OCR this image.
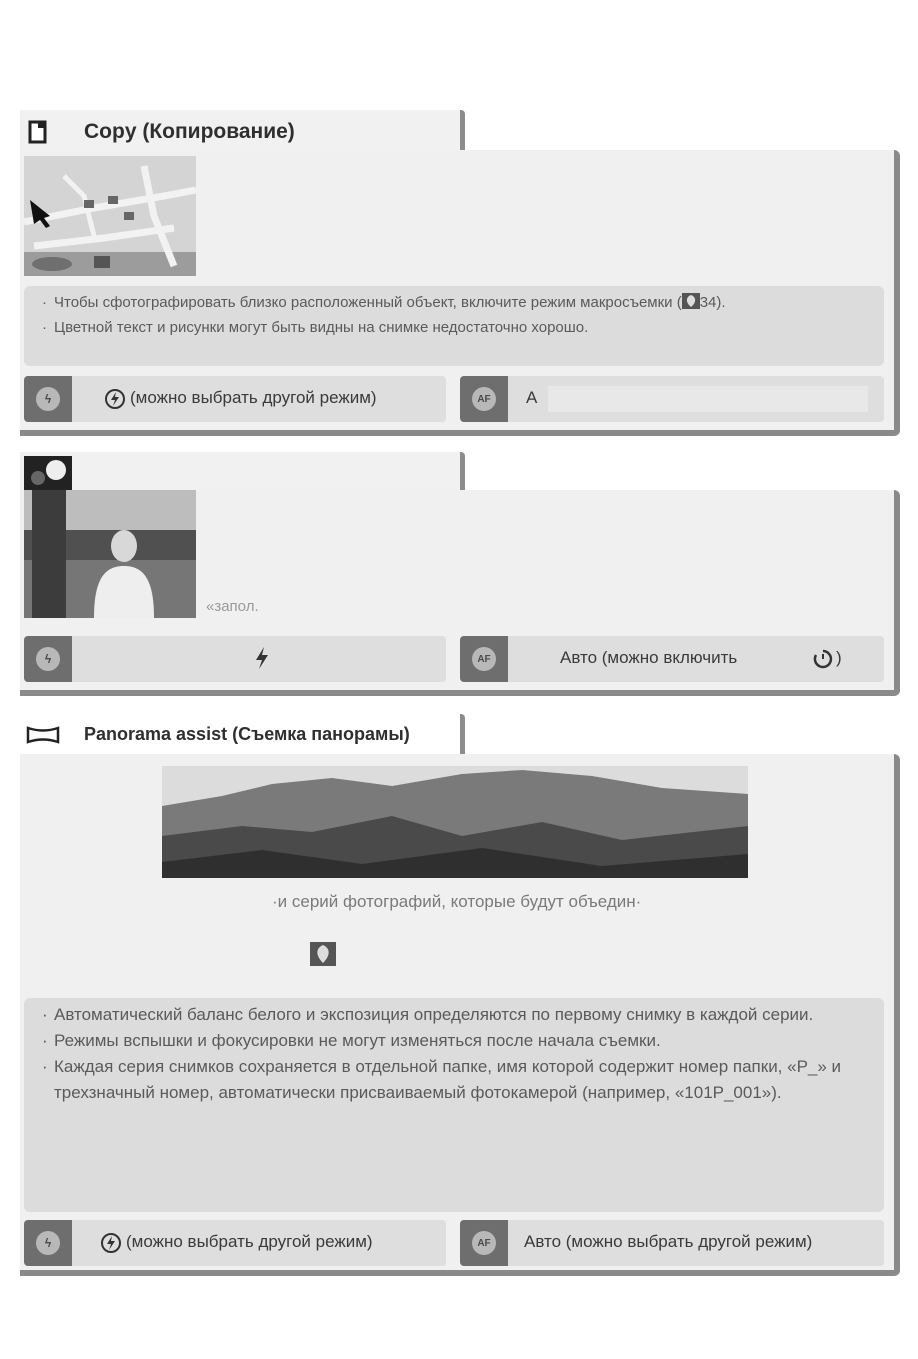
Copy (Копирование)
· Чтобы сфотографировать близко расположенный объект, включите режим макросъемки ( 34).
· Цветной текст и рисунки могут быть видны на снимке недостаточно хорошо.
ϟ	(можно выбрать другой режим)	AF	А
«запол.
ϟ	AF	Авто (можно включить	)
Panorama assist (Съемка панорамы)
·и серий фотографий, которые будут объедин·
· Автоматический баланс белого и экспозиция определяются по первому снимку в каждой серии.
· Режимы вспышки и фокусировки не могут изменяться после начала съемки.
· Каждая серия снимков сохраняется в отдельной папке, имя которой содержит номер папки, «P_» и трехзначный номер, автоматически присваиваемый фотокамерой (например, «101P_001»).
ϟ	(можно выбрать другой режим)	AF	Авто (можно выбрать другой режим)
